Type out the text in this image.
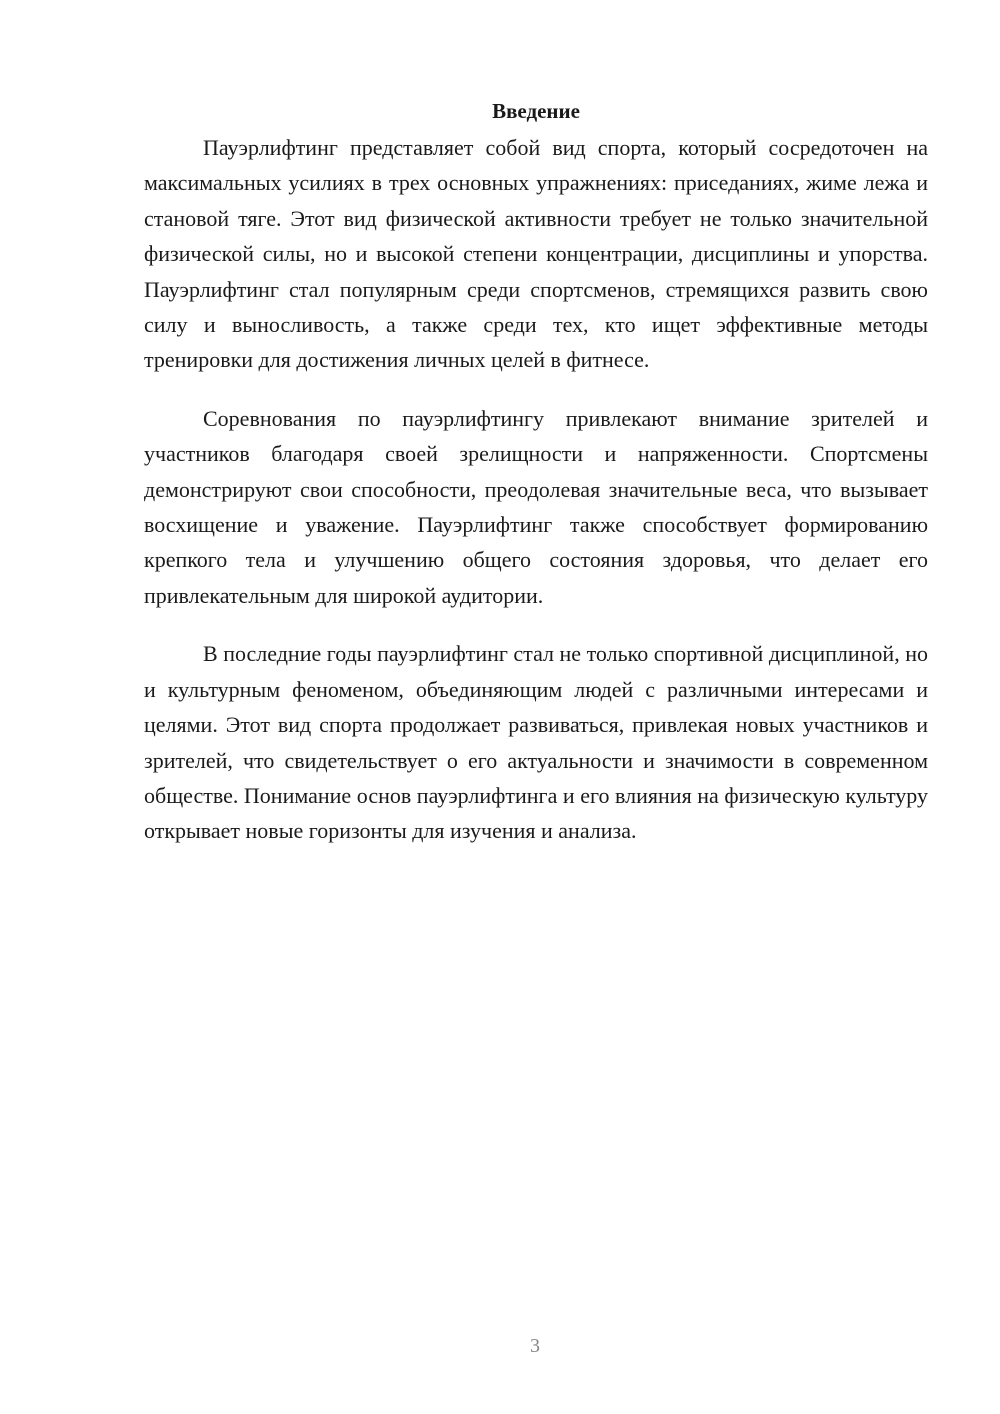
Введение

Пауэрлифтинг представляет собой вид спорта, который сосредоточен на максимальных усилиях в трех основных упражнениях: приседаниях, жиме лежа и становой тяге. Этот вид физической активности требует не только значительной физической силы, но и высокой степени концентрации, дисциплины и упорства. Пауэрлифтинг стал популярным среди спортсменов, стремящихся развить свою силу и выносливость, а также среди тех, кто ищет эффективные методы тренировки для достижения личных целей в фитнесе.

Соревнования по пауэрлифтингу привлекают внимание зрителей и участников благодаря своей зрелищности и напряженности. Спортсмены демонстрируют свои способности, преодолевая значительные веса, что вызывает восхищение и уважение. Пауэрлифтинг также способствует формированию крепкого тела и улучшению общего состояния здоровья, что делает его привлекательным для широкой аудитории.

В последние годы пауэрлифтинг стал не только спортивной дисциплиной, но и культурным феноменом, объединяющим людей с различными интересами и целями. Этот вид спорта продолжает развиваться, привлекая новых участников и зрителей, что свидетельствует о его актуальности и значимости в современном обществе. Понимание основ пауэрлифтинга и его влияния на физическую культуру открывает новые горизонты для изучения и анализа.

3
